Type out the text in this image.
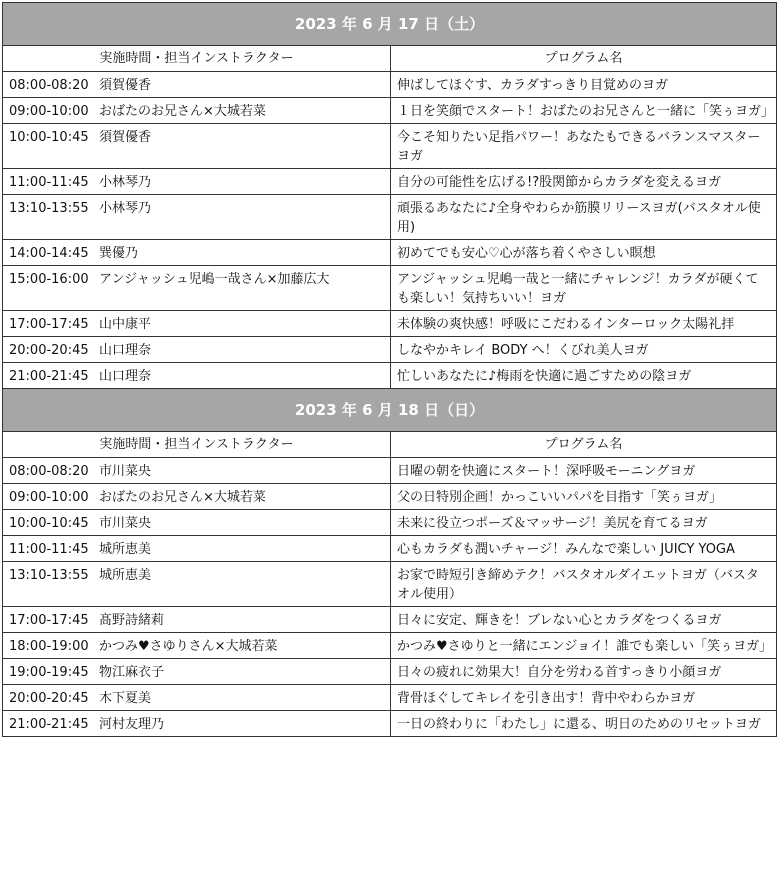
2023 年 6 月 17 日（土）	
実施時間・担当インストラクター	プログラム名
08:00-08:20 須賀優香	伸ばしてほぐす、カラダすっきり目覚めのヨガ
09:00-10:00 おばたのお兄さん×大城若菜	１日を笑顔でスタート！おばたのお兄さんと一緒に「笑ぅヨガ」
10:00-10:45 須賀優香	今こそ知りたい足指パワー！あなたもできるバランスマスターヨガ
11:00-11:45 小林琴乃	自分の可能性を広げる!?股関節からカラダを変えるヨガ
13:10-13:55 小林琴乃	頑張るあなたに♪全身やわらか筋膜リリースヨガ(バスタオル使用)
14:00-14:45 巽優乃	初めてでも安心♡心が落ち着くやさしい瞑想
15:00-16:00 アンジャッシュ児嶋一哉さん×加藤広大	アンジャッシュ児嶋一哉と一緒にチャレンジ！カラダが硬くても楽しい！気持ちいい！ヨガ
17:00-17:45 山中康平	未体験の爽快感！呼吸にこだわるインターロック太陽礼拝
20:00-20:45 山口理奈	しなやかキレイ BODY へ！くびれ美人ヨガ
21:00-21:45 山口理奈	忙しいあなたに♪梅雨を快適に過ごすための陰ヨガ
2023 年 6 月 18 日（日）	
実施時間・担当インストラクター	プログラム名
08:00-08:20 市川菜央	日曜の朝を快適にスタート！深呼吸モーニングヨガ
09:00-10:00 おばたのお兄さん×大城若菜	父の日特別企画！かっこいいパパを目指す「笑ぅヨガ」
10:00-10:45 市川菜央	未来に役立つポーズ＆マッサージ！美尻を育てるヨガ
11:00-11:45 城所恵美	心もカラダも潤いチャージ！みんなで楽しい JUICY YOGA
13:10-13:55 城所恵美	お家で時短引き締めテク！バスタオルダイエットヨガ（バスタオル使用）
17:00-17:45 髙野詩緒莉	日々に安定、輝きを！ブレない心とカラダをつくるヨガ
18:00-19:00 かつみ♥さゆりさん×大城若菜	かつみ♥さゆりと一緒にエンジョイ！誰でも楽しい「笑ぅヨガ」
19:00-19:45 物江麻衣子	日々の疲れに効果大！自分を労わる首すっきり小顔ヨガ
20:00-20:45 木下夏美	背骨ほぐしてキレイを引き出す！背中やわらかヨガ
21:00-21:45 河村友理乃	一日の終わりに「わたし」に還る、明日のためのリセットヨガ
